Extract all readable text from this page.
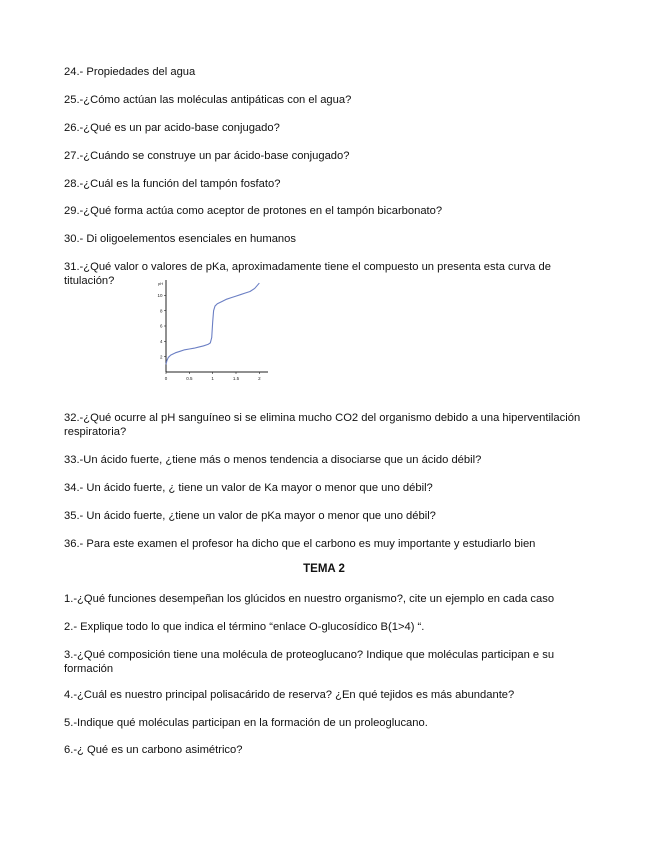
24.- Propiedades del agua

25.-¿Cómo actúan las moléculas antipáticas con el agua?

26.-¿Qué es un par acido-base conjugado?

27.-¿Cuándo se construye un par ácido-base conjugado?

28.-¿Cuál es la función del tampón fosfato?

29.-¿Qué forma actúa como aceptor de protones en el tampón bicarbonato?

30.- Di oligoelementos esenciales en humanos

31.-¿Qué valor o valores de pKa, aproximadamente tiene el compuesto un presenta esta curva de titulación?	pH
2
4
6
8
10
0	0.5	1	1.5	2

32.-¿Qué ocurre al pH sanguíneo si se elimina mucho CO2 del organismo debido a una hiperventilación respiratoria?

33.-Un ácido fuerte, ¿tiene más o menos tendencia a disociarse que un ácido débil?

34.- Un ácido fuerte, ¿ tiene un valor de Ka mayor o menor que uno débil?

35.- Un ácido fuerte, ¿tiene un valor de pKa mayor o menor que uno débil?

36.- Para este examen el profesor ha dicho que el carbono es muy importante y estudiarlo bien

TEMA 2

1.-¿Qué funciones desempeñan los glúcidos en nuestro organismo?, cite un ejemplo en cada caso

2.- Explique todo lo que indica el término “enlace O-glucosídico B(1>4) “.

3.-¿Qué composición tiene una molécula de proteoglucano? Indique que moléculas participan e su formación

4.-¿Cuál es nuestro principal polisacárido de reserva? ¿En qué tejidos es más abundante?

5.-Indique qué moléculas participan en la formación de un proleoglucano.

6.-¿ Qué es un carbono asimétrico?
